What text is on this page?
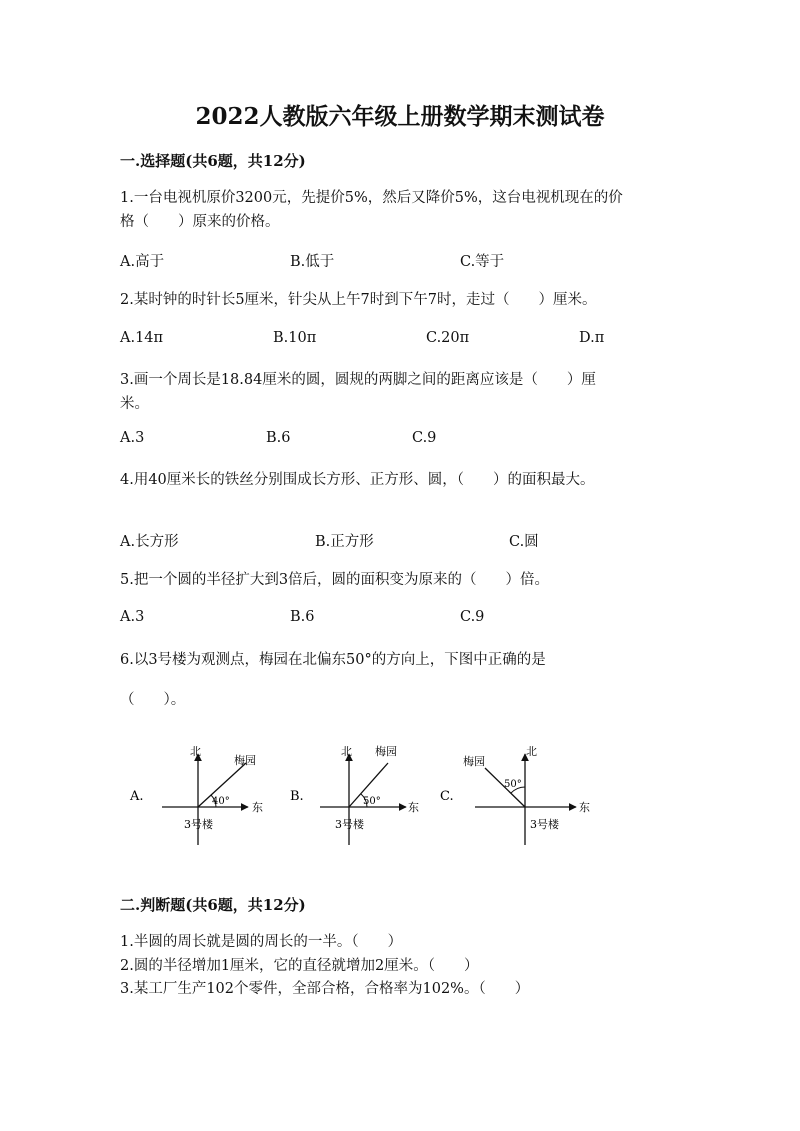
2022人教版六年级上册数学期末测试卷
一.选择题(共6题，共12分)
1.一台电视机原价3200元，先提价5%，然后又降价5%，这台电视机现在的价
格（　　）原来的价格。
A.高于	B.低于	C.等于
2.某时钟的时针长5厘米，针尖从上午7时到下午7时，走过（　　）厘米。
A.14π	B.10π	C.20π	D.π
3.画一个周长是18.84厘米的圆，圆规的两脚之间的距离应该是（　　）厘
米。
A.3	B.6	C.9
4.用40厘米长的铁丝分别围成长方形、正方形、圆，（　　）的面积最大。
A.长方形	B.正方形	C.圆
5.把一个圆的半径扩大到3倍后，圆的面积变为原来的（　　）倍。
A.3	B.6	C.9
6.以3号楼为观测点，梅园在北偏东50°的方向上，下图中正确的是
（　　）。
A.
北
梅园
40° 东
3号楼
B.
北 梅园
50° 东
3号楼
C.
北
梅园
50°
东
3号楼
二.判断题(共6题，共12分)
1.半圆的周长就是圆的周长的一半。（　　）
2.圆的半径增加1厘米，它的直径就增加2厘米。（　　）
3.某工厂生产102个零件，全部合格，合格率为102%。（　　）
